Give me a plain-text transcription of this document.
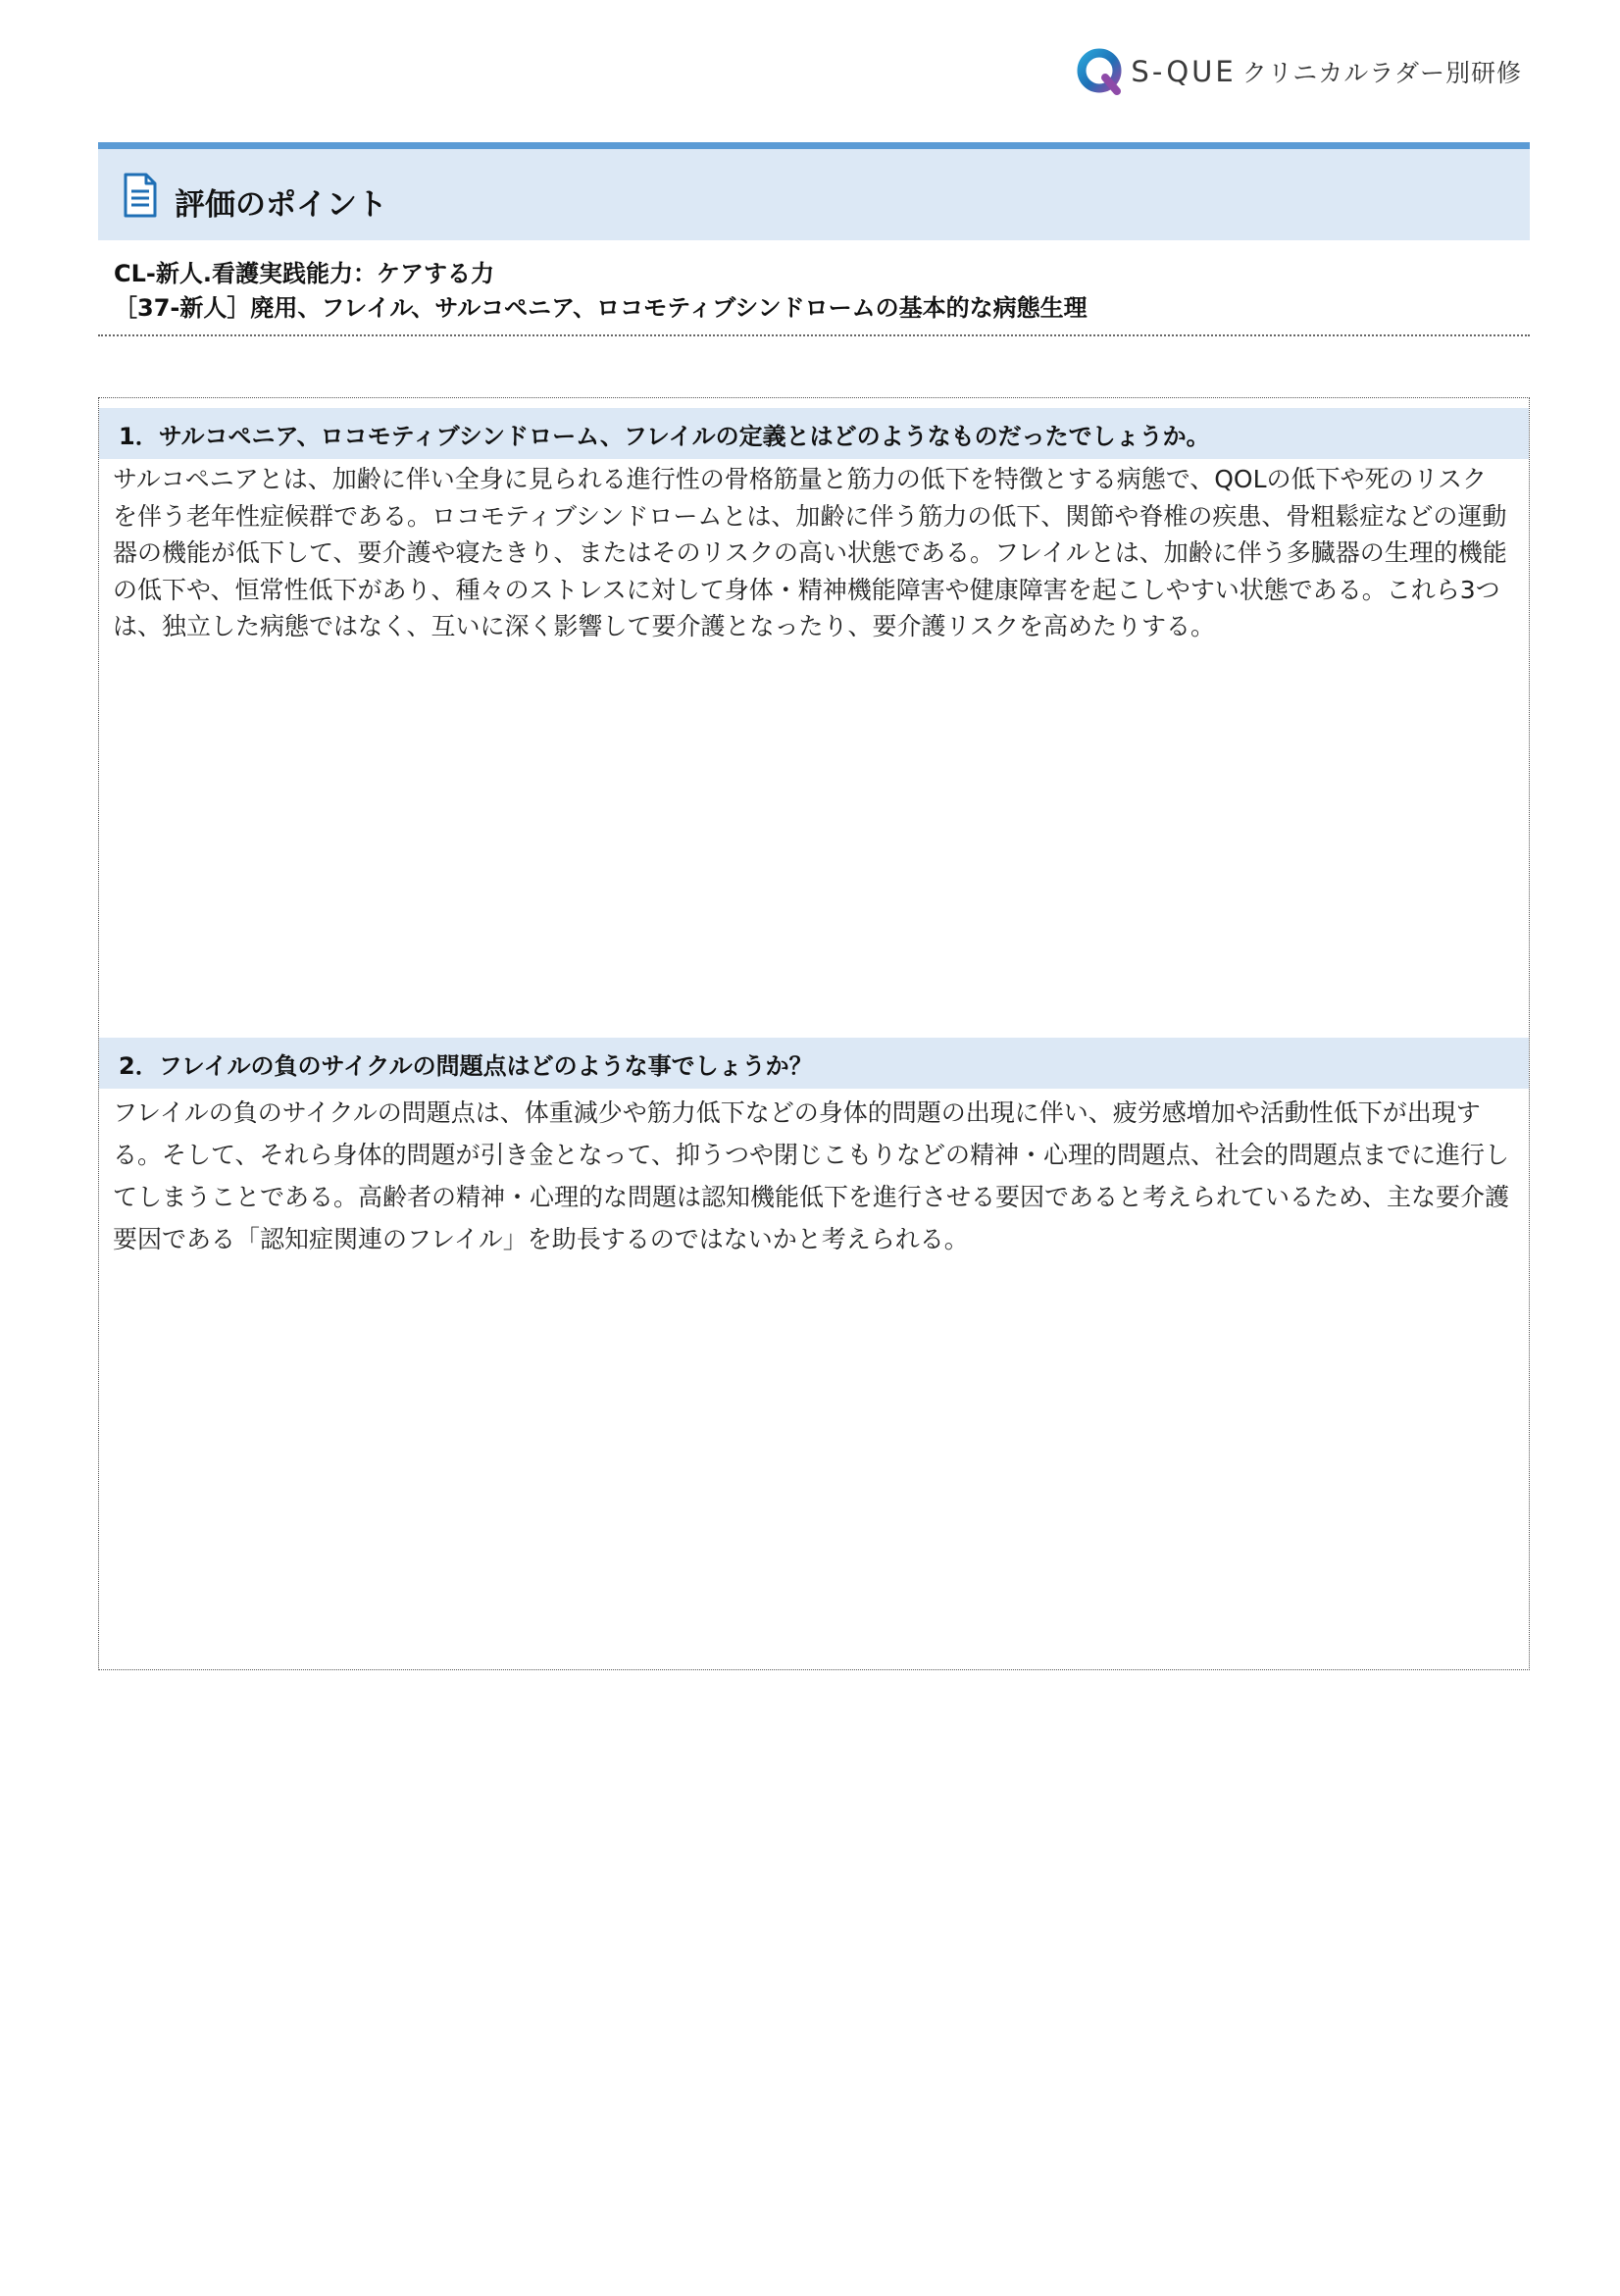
S-QUE クリニカルラダー別研修
評価のポイント
CL-新人.看護実践能力：ケアする力
［37-新人］廃用、フレイル、サルコペニア、ロコモティブシンドロームの基本的な病態生理
1．サルコペニア、ロコモティブシンドローム、フレイルの定義とはどのようなものだったでしょうか。
サルコペニアとは、加齢に伴い全身に見られる進行性の骨格筋量と筋力の低下を特徴とする病態で、QOLの低下や死のリスクを伴う老年性症候群である。ロコモティブシンドロームとは、加齢に伴う筋力の低下、関節や脊椎の疾患、骨粗鬆症などの運動器の機能が低下して、要介護や寝たきり、またはそのリスクの高い状態である。フレイルとは、加齢に伴う多臓器の生理的機能の低下や、恒常性低下があり、種々のストレスに対して身体・精神機能障害や健康障害を起こしやすい状態である。これら3つは、独立した病態ではなく、互いに深く影響して要介護となったり、要介護リスクを高めたりする。
2．フレイルの負のサイクルの問題点はどのような事でしょうか？
フレイルの負のサイクルの問題点は、体重減少や筋力低下などの身体的問題の出現に伴い、疲労感増加や活動性低下が出現する。そして、それら身体的問題が引き金となって、抑うつや閉じこもりなどの精神・心理的問題点、社会的問題点までに進行してしまうことである。高齢者の精神・心理的な問題は認知機能低下を進行させる要因であると考えられているため、主な要介護要因である「認知症関連のフレイル」を助長するのではないかと考えられる。
